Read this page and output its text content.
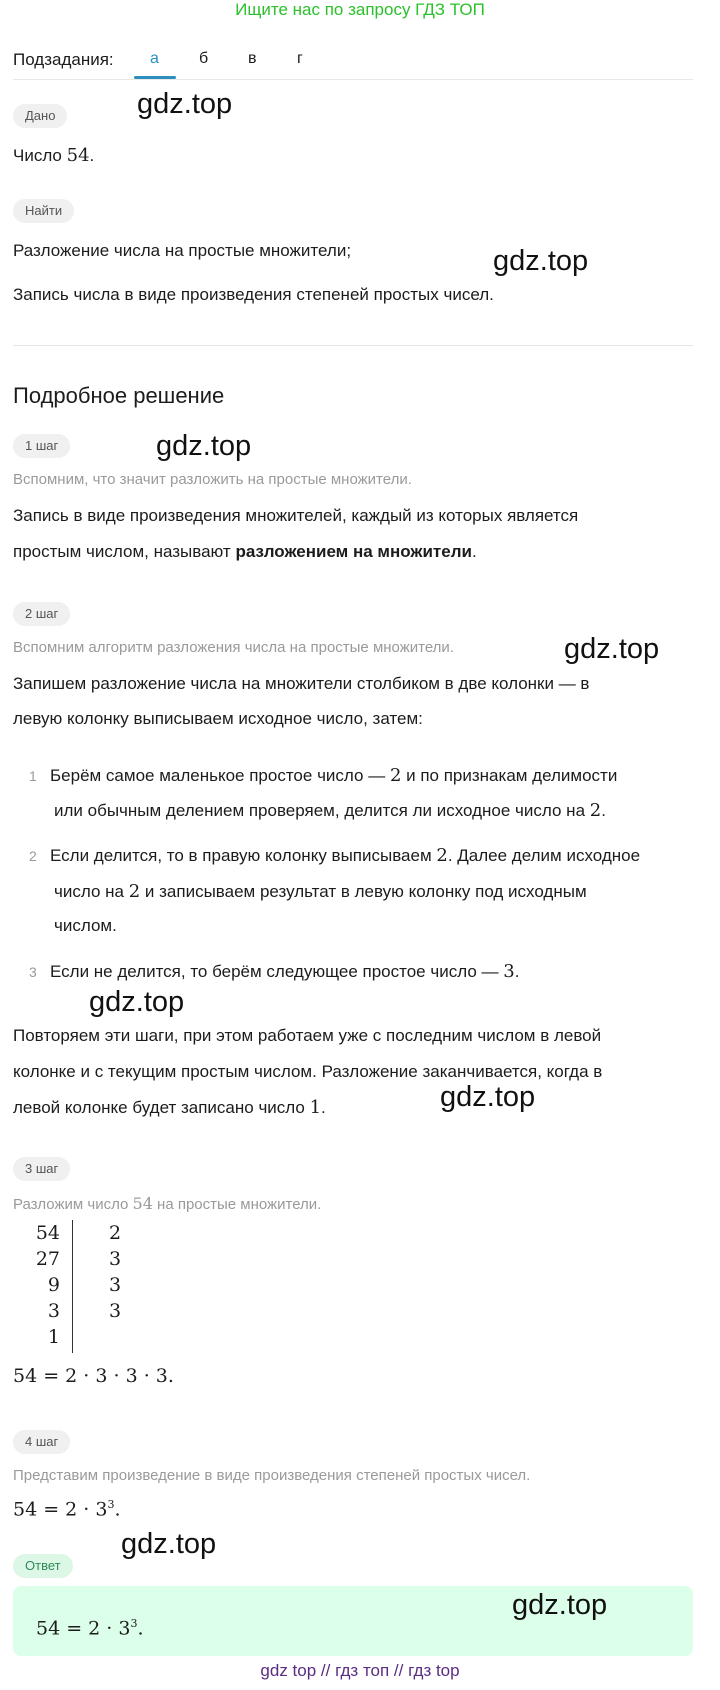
Ищите нас по запросу ГДЗ ТОП
Подзадания: а	б в	г
Дано
Число 54.
Найти
Разложение числа на простые множители;
Запись числа в виде произведения степеней простых чисел.
Подробное решение
1 шаг
Вспомним, что значит разложить на простые множители.
Запись в виде произведения множителей, каждый из которых является
простым числом, называют разложением на множители.
2 шаг
Вспомним алгоритм разложения числа на простые множители.
Запишем разложение числа на множители столбиком в две колонки — в
левую колонку выписываем исходное число, затем:
1 Берём самое маленькое простое число — 2 и по признакам делимости
или обычным делением проверяем, делится ли исходное число на 2.
2 Если делится, то в правую колонку выписываем 2. Далее делим исходное
число на 2 и записываем результат в левую колонку под исходным
числом.
3 Если не делится, то берём следующее простое число — 3.
Повторяем эти шаги, при этом работаем уже с последним числом в левой
колонке и с текущим простым числом. Разложение заканчивается, когда в
левой колонке будет записано число 1.
3 шаг
Разложим число 54 на простые множители.
54
27
9
3
1
2
3
3
3
54 = 2 · 3 · 3 · 3.
4 шаг
Представим произведение в виде произведения степеней простых чисел.
$54 = 2 \cdot 3^3$.
Ответ
$54 = 2 \cdot 3^3$.
gdz.top
gdz.top
gdz.top
gdz.top
gdz.top
gdz.top
gdz.top
gdz.top
gdz top // гдз топ // гдз top
